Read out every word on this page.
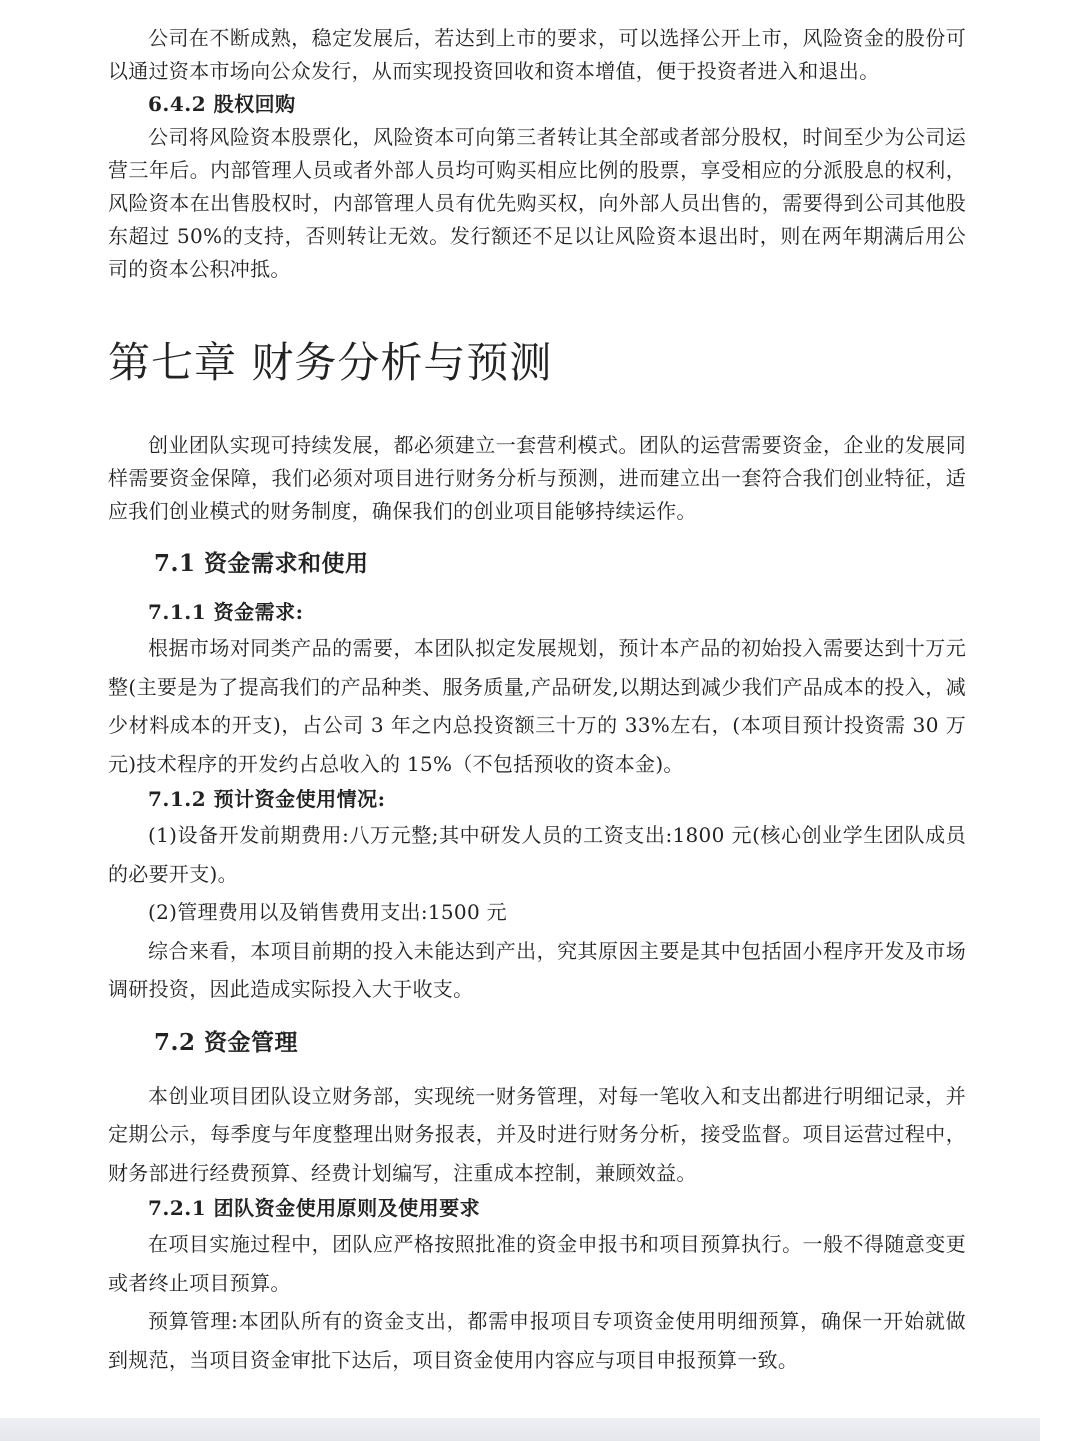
公司在不断成熟，稳定发展后，若达到上市的要求，可以选择公开上市，风险资金的股份可以通过资本市场向公众发行，从而实现投资回收和资本增值，便于投资者进入和退出。

6.4.2 股权回购

公司将风险资本股票化，风险资本可向第三者转让其全部或者部分股权，时间至少为公司运营三年后。内部管理人员或者外部人员均可购买相应比例的股票，享受相应的分派股息的权利，风险资本在出售股权时，内部管理人员有优先购买权，向外部人员出售的，需要得到公司其他股东超过 50%的支持，否则转让无效。发行额还不足以让风险资本退出时，则在两年期满后用公司的资本公积冲抵。

第七章 财务分析与预测

创业团队实现可持续发展，都必须建立一套营利模式。团队的运营需要资金，企业的发展同样需要资金保障，我们必须对项目进行财务分析与预测，进而建立出一套符合我们创业特征，适应我们创业模式的财务制度，确保我们的创业项目能够持续运作。

7.1 资金需求和使用
7.1.1 资金需求:

根据市场对同类产品的需要，本团队拟定发展规划，预计本产品的初始投入需要达到十万元整(主要是为了提高我们的产品种类、服务质量,产品研发,以期达到减少我们产品成本的投入，减少材料成本的开支)，占公司 3 年之内总投资额三十万的 33%左右，(本项目预计投资需 30 万元)技术程序的开发约占总收入的 15%（不包括预收的资本金)。

7.1.2 预计资金使用情况:

(1)设备开发前期费用:八万元整;其中研发人员的工资支出:1800 元(核心创业学生团队成员的必要开支)。

(2)管理费用以及销售费用支出:1500 元

综合来看，本项目前期的投入未能达到产出，究其原因主要是其中包括固小程序开发及市场调研投资，因此造成实际投入大于收支。

7.2 资金管理

本创业项目团队设立财务部，实现统一财务管理，对每一笔收入和支出都进行明细记录，并定期公示，每季度与年度整理出财务报表，并及时进行财务分析，接受监督。项目运营过程中，财务部进行经费预算、经费计划编写，注重成本控制，兼顾效益。

7.2.1 团队资金使用原则及使用要求

在项目实施过程中，团队应严格按照批准的资金申报书和项目预算执行。一般不得随意变更或者终止项目预算。

预算管理:本团队所有的资金支出，都需申报项目专项资金使用明细预算，确保一开始就做到规范，当项目资金审批下达后，项目资金使用内容应与项目申报预算一致。
